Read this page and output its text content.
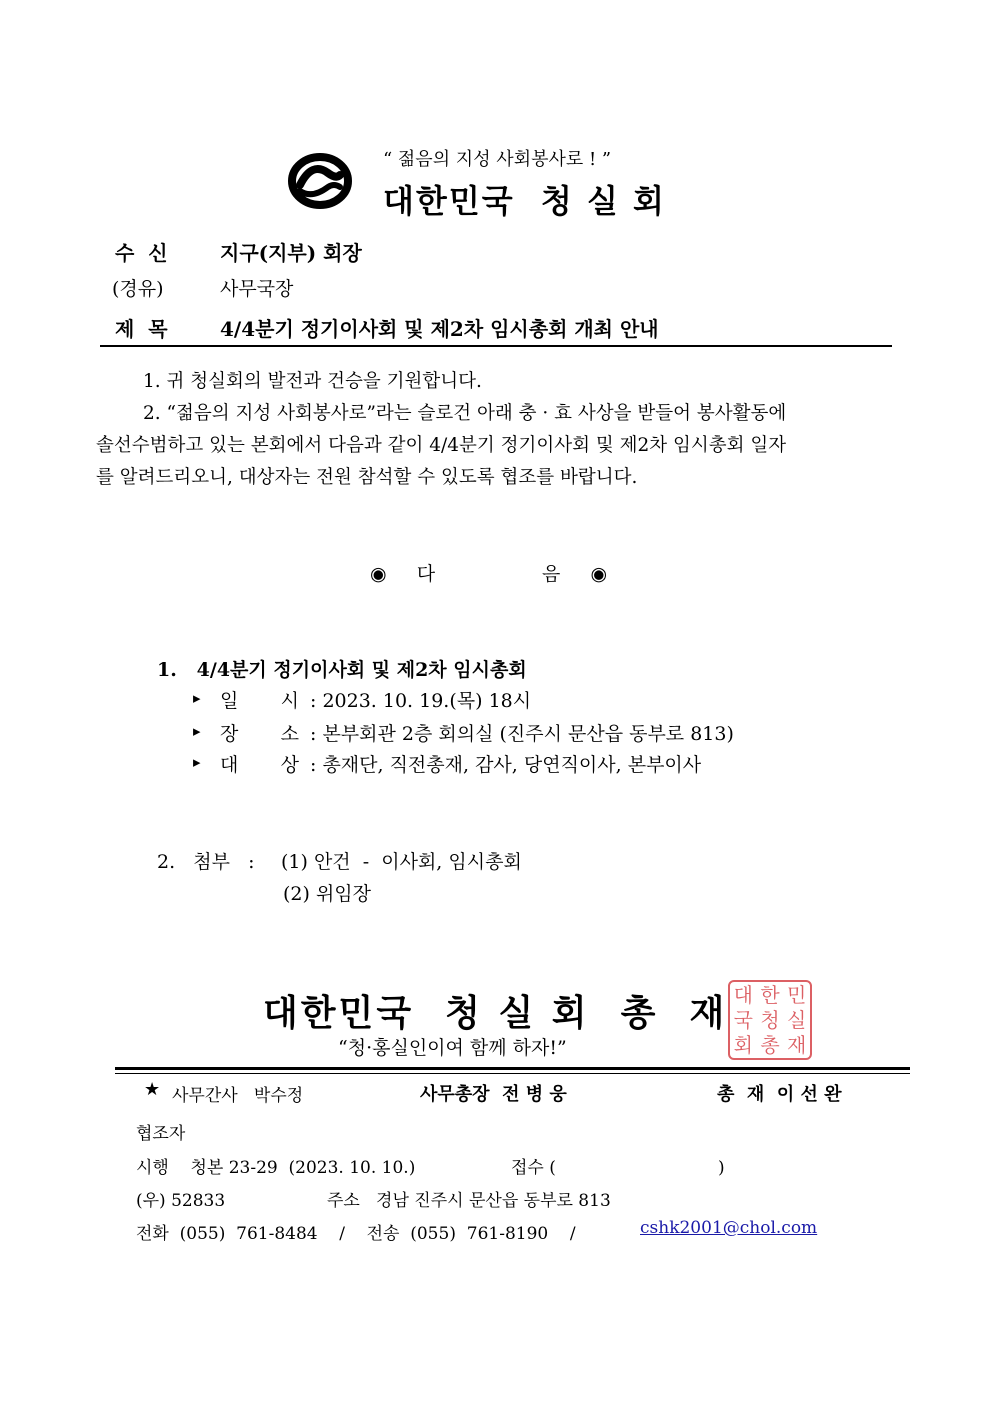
“ 젊음의 지성 사회봉사로 ! ”
대한민국  청 실 회
수  신	지구(지부) 회장
(경유)	사무국장
제  목	4/4분기 정기이사회 및 제2차 임시총회 개최 안내
1. 귀 청실회의 발전과 건승을 기원합니다.
2. “젊음의 지성 사회봉사로”라는 슬로건 아래 충 · 효 사상을 받들어 봉사활동에
솔선수범하고 있는 본회에서 다음과 같이 4/4분기 정기이사회 및 제2차 임시총회 일자
를 알려드리오니, 대상자는 전원 참석할 수 있도록 협조를 바랍니다.
◉     다	음     ◉
1.   4/4분기 정기이사회 및 제2차 임시총회
▸ 일       시 : 2023. 10. 19.(목) 18시
▸ 장       소 : 본부회관 2층 회의실 (진주시 문산읍 동부로 813)
▸ 대       상 : 총재단, 직전총재, 감사, 당연직이사, 본부이사
2.   첨부   : (1) 안건  -  이사회, 임시총회
(2) 위임장
대한민국  청 실 회  총  재 대 한 민
국 청 실
회 총 재
“청·홍실인이여 함께 하자!”
★ 사무간사   박수정	사무총장  전 병 웅	총  재  이 선 완
협조자
시행    청본 23-29  (2023. 10. 10.)	접수 (                              )
(우) 52833	주소   경남 진주시 문산읍 동부로 813
전화  (055)  761-8484    /    전송  (055)  761-8190    /	cshk2001@chol.com
